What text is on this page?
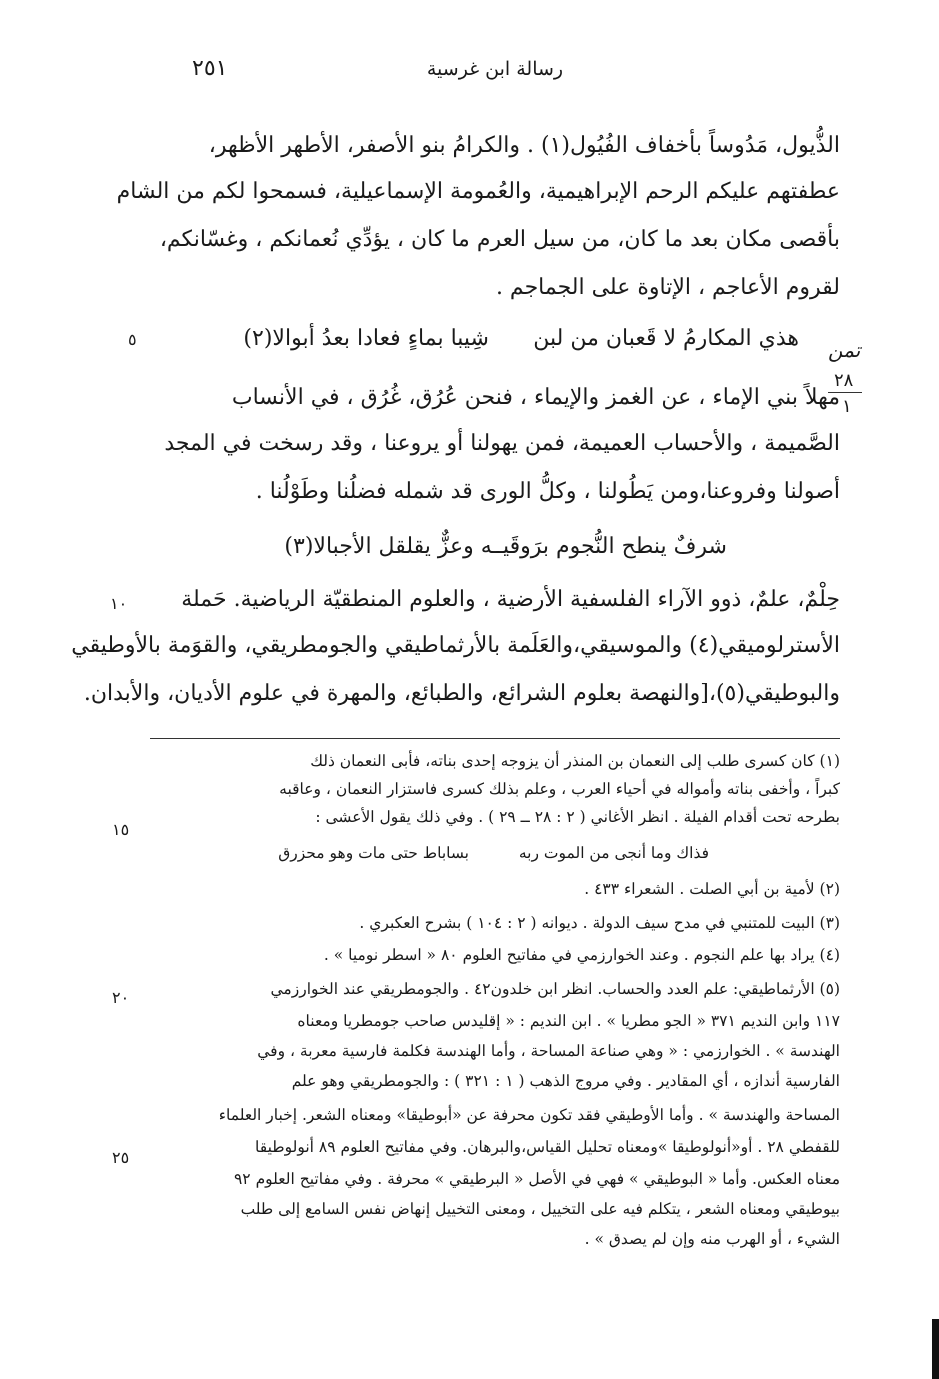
٢٥١	رسالة ابن غرسية
تمن
٢٨
١
٥
١٠
١٥
٢٠
٢٥
الذُّيول، مَدُوساً بأخفاف الفُيُول(١) . والكرامُ بنو الأصفر، الأطهر الأظهر،
عطفتهم عليكم الرحم الإبراهيمية، والعُمومة الإسماعيلية، فسمحوا لكم من الشام
بأقصى مكان بعد ما كان، من سيل العرم ما كان ، يؤدِّي نُعمانكم ، وغسّانكم،
لقروم الأعاجم ، الإتاوة على الجماجم .
مهلاً بني الإماء ، عن الغمز والإيماء ، فنحن عُرُق، غُرُق ، في الأنساب
الصَّميمة ، والأحساب العميمة، فمن يهولنا أو يروعنا ، وقد رسخت في المجد
أصولنا وفروعنا،ومن يَطُولنا ، وكلُّ الورى قد شمله فضلُنا وطَوْلُنا .
حِلْمٌ، علمٌ، ذوو الآراء الفلسفية الأرضية ، والعلوم المنطقيّة الرياضية. حَملة
الأسترلوميقي(٤) والموسيقي،والعَلَمة بالأرثماطيقي والجومطريقي، والقوَمة بالأوطيقي
والبوطيقي(٥)،[والنهصة بعلوم الشرائع، والطبائع، والمهرة في علوم الأديان، والأبدان.
هذي المكارمُ لا قَعبان من لبن
شِيبا بماءٍ فعادا بعدُ أبوالا(٢)
شرفٌ ينطح النُّجوم برَوقَيـ
ـه وعزٌّ يقلقل الأجبالا(٣)
(١) كان كسرى طلب إلى النعمان بن المنذر أن يزوجه إحدى بناته، فأبى النعمان ذلك
كبراً ، وأخفى بناته وأمواله في أحياء العرب ، وعلم بذلك كسرى فاستزار النعمان ، وعاقبه
بطرحه تحت أقدام الفيلة . انظر الأغاني ( ٢ : ٢٨ ــ ٢٩ ) . وفي ذلك يقول الأعشى :
(٢) لأمية بن أبي الصلت . الشعراء ٤٣٣ .
(٣) البيت للمتنبي في مدح سيف الدولة . ديوانه ( ٢ : ١٠٤ ) بشرح العكبري .
(٤) يراد بها علم النجوم . وعند الخوارزمي في مفاتيح العلوم ٨٠ « اسطر نوميا » .
(٥) الأرثماطيقي: علم العدد والحساب. انظر ابن خلدون٤٢ . والجومطريقي عند الخوارزمي
١١٧ وابن النديم ٣٧١ « الجو مطريا » . ابن النديم : « إقليدس صاحب جومطريا ومعناه
الهندسة » . الخوارزمي : « وهي صناعة المساحة ، وأما الهندسة فكلمة فارسية معربة ، وفي
الفارسية أندازه ، أي المقادير . وفي مروج الذهب ( ١ : ٣٢١ ) : والجومطريقي وهو علم
المساحة والهندسة » . وأما الأوطيقي فقد تكون محرفة عن «أبوطيقا» ومعناه الشعر. إخبار العلماء
للقفطي ٢٨ . أو«أنولوطيقا »ومعناه تحليل القياس،والبرهان. وفي مفاتيح العلوم ٨٩ أنولوطيقا
معناه العكس. وأما « البوطيقي » فهي في الأصل « البرطيقي » محرفة . وفي مفاتيح العلوم ٩٢
بيوطيقي ومعناه الشعر ، يتكلم فيه على التخييل ، ومعنى التخييل إنهاض نفس السامع إلى طلب
الشيء ، أو الهرب منه وإن لم يصدق » .
فذاك وما أنجى من الموت ربه
بساباط حتى مات وهو محزرق
